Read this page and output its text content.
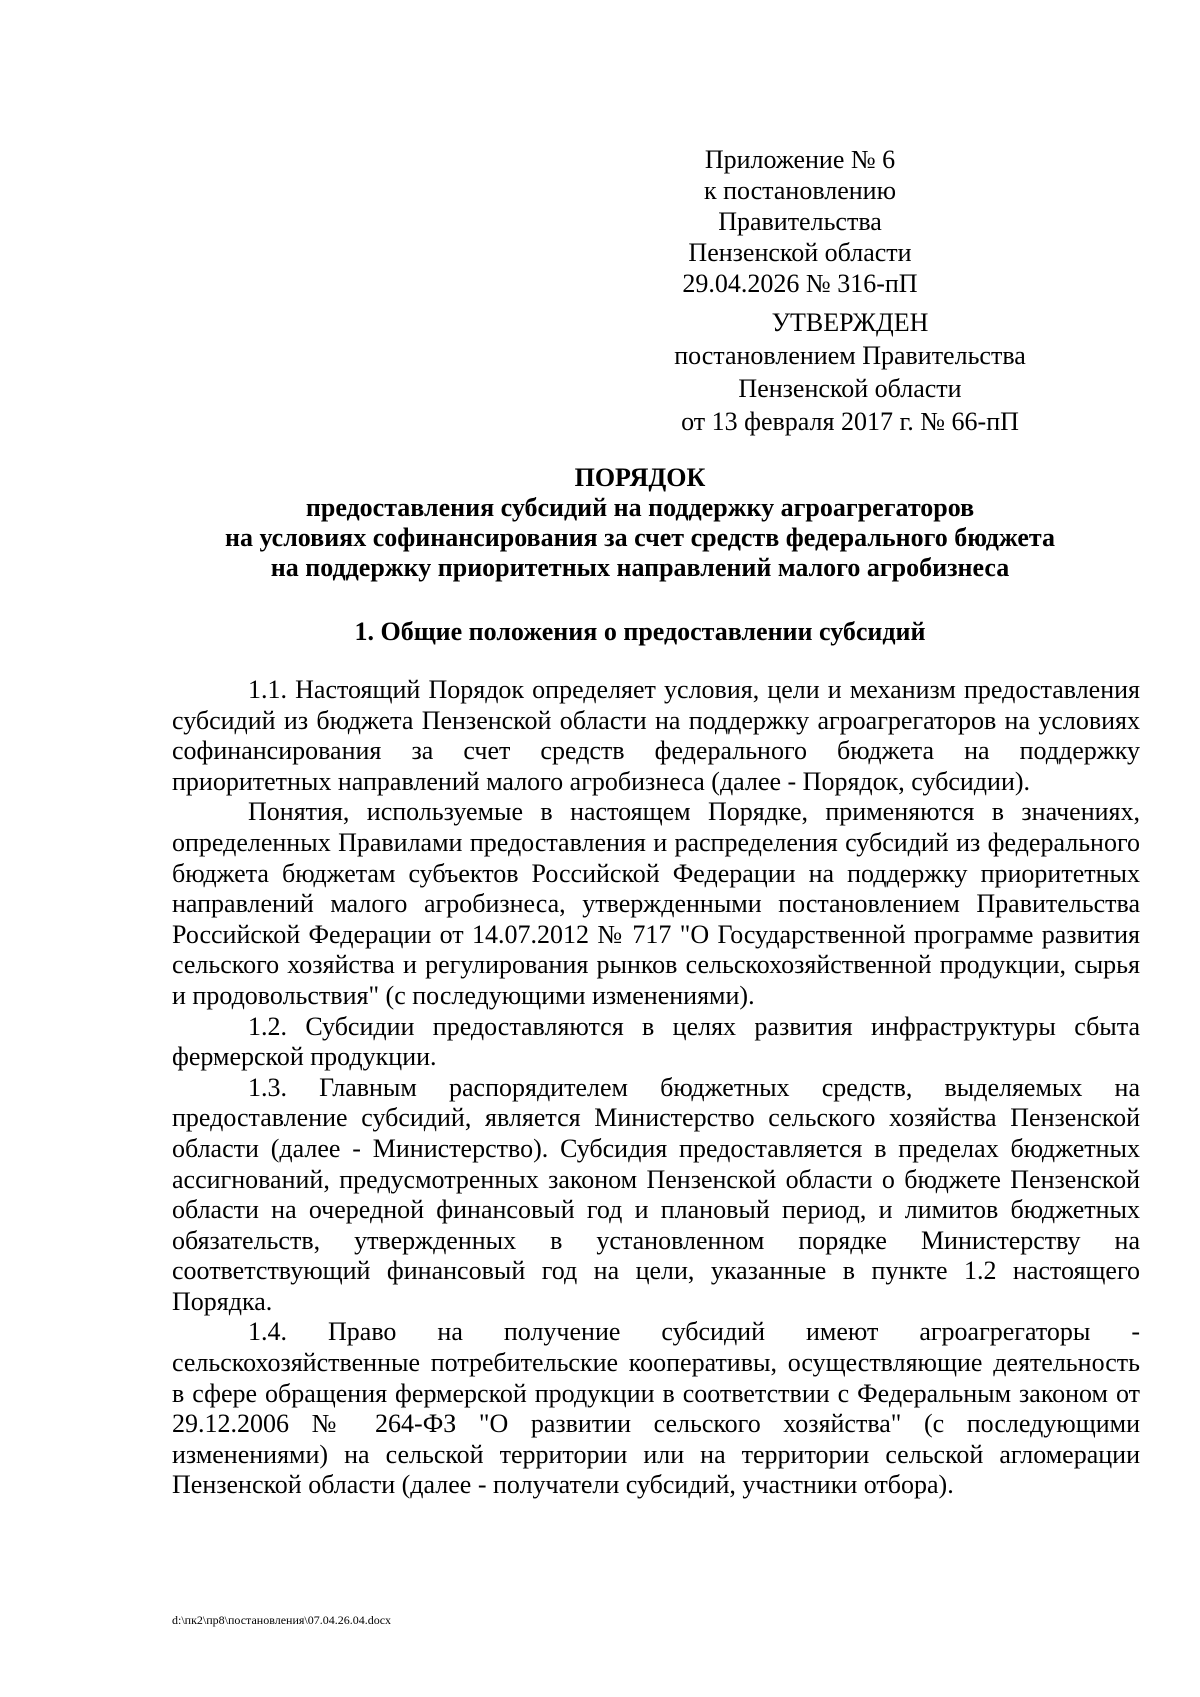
Приложение № 6
к постановлению Правительства
Пензенской области
29.04.2026 № 316-пП
УТВЕРЖДЕН
постановлением Правительства
Пензенской области
от 13 февраля 2017 г. № 66-пП
ПОРЯДОК
предоставления субсидий на поддержку агроагрегаторов
на условиях софинансирования за счет средств федерального бюджета
на поддержку приоритетных направлений малого агробизнеса
1. Общие положения о предоставлении субсидий

1.1. Настоящий Порядок определяет условия, цели и механизм предоставления субсидий из бюджета Пензенской области на поддержку агроагрегаторов на условиях софинансирования за счет средств федерального бюджета на поддержку приоритетных направлений малого агробизнеса (далее - Порядок, субсидии).

Понятия, используемые в настоящем Порядке, применяются в значениях, определенных Правилами предоставления и распределения субсидий из федерального бюджета бюджетам субъектов Российской Федерации на поддержку приоритетных направлений малого агробизнеса, утвержденными постановлением Правительства Российской Федерации от 14.07.2012 № 717 "О Государственной программе развития сельского хозяйства и регулирования рынков сельскохозяйственной продукции, сырья и продовольствия" (с последующими изменениями).

1.2. Субсидии предоставляются в целях развития инфраструктуры сбыта фермерской продукции.

1.3. Главным распорядителем бюджетных средств, выделяемых на предоставление субсидий, является Министерство сельского хозяйства Пензенской области (далее - Министерство). Субсидия предоставляется в пределах бюджетных ассигнований, предусмотренных законом Пензенской области о бюджете Пензенской области на очередной финансовый год и плановый период, и лимитов бюджетных обязательств, утвержденных в установленном порядке Министерству на соответствующий финансовый год на цели, указанные в пункте 1.2 настоящего Порядка.

1.4. Право на получение субсидий имеют агроагрегаторы - сельскохозяйственные потребительские кооперативы, осуществляющие деятельность в сфере обращения фермерской продукции в соответствии с Федеральным законом от 29.12.2006 № 264-ФЗ "О развитии сельского хозяйства" (с последующими изменениями) на сельской территории или на территории сельской агломерации Пензенской области (далее - получатели субсидий, участники отбора).

d:\пк2\пр8\постановления\07.04.26.04.docx
